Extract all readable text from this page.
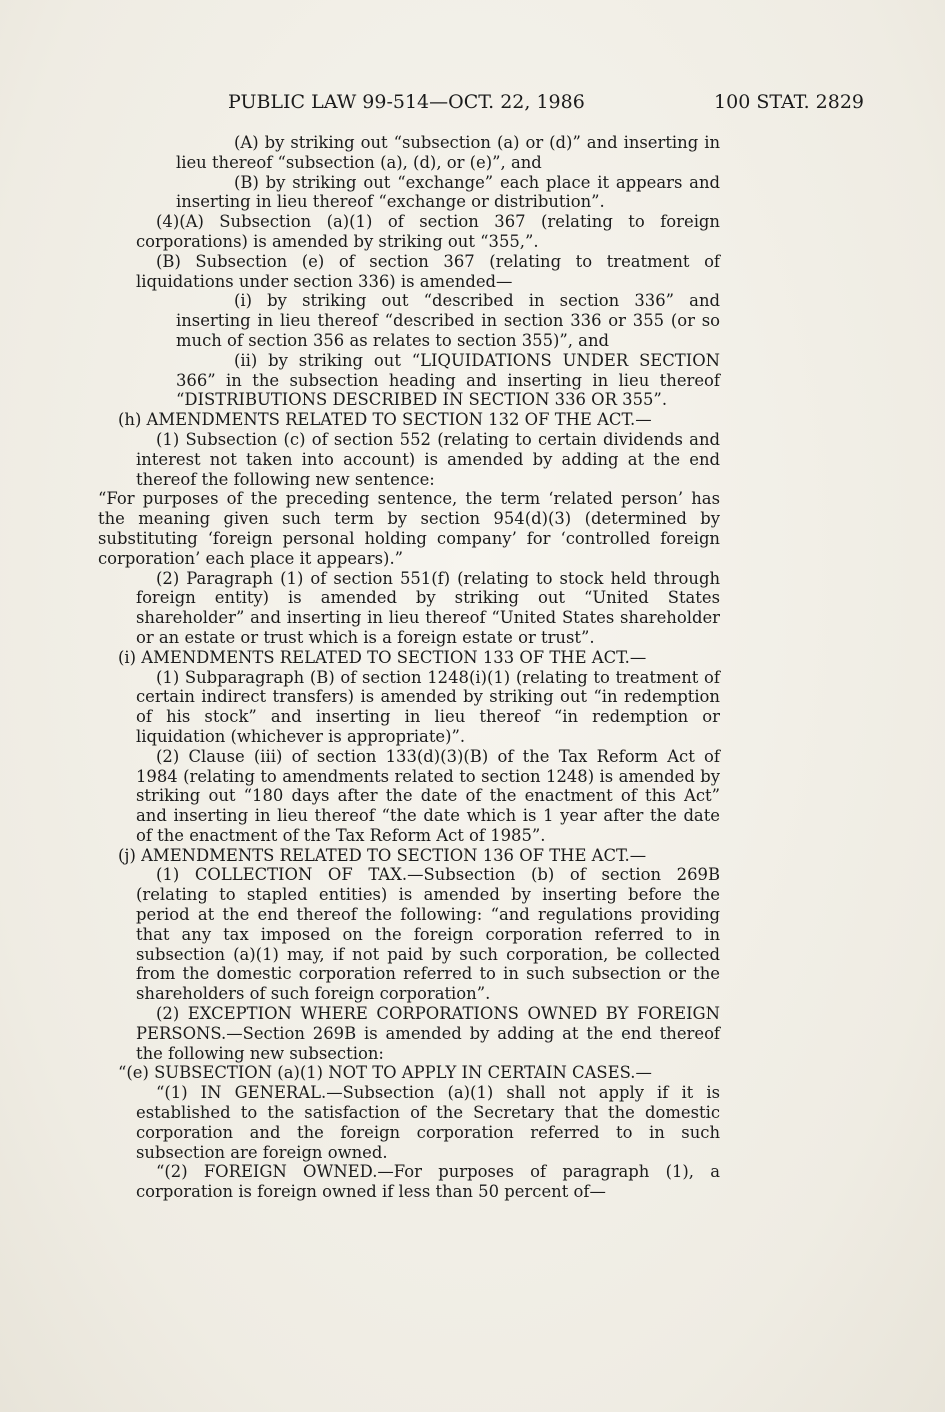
PUBLIC LAW 99-514—OCT. 22, 1986	100 STAT. 2829

(A) by striking out “subsection (a) or (d)” and inserting in lieu thereof “subsection (a), (d), or (e)”, and

(B) by striking out “exchange” each place it appears and inserting in lieu thereof “exchange or distribution”.

(4)(A) Subsection (a)(1) of section 367 (relating to foreign corporations) is amended by striking out “355,”.

(B) Subsection (e) of section 367 (relating to treatment of liquidations under section 336) is amended—

(i) by striking out “described in section 336” and inserting in lieu thereof “described in section 336 or 355 (or so much of section 356 as relates to section 355)”, and

(ii) by striking out “LIQUIDATIONS UNDER SECTION 366” in the subsection heading and inserting in lieu thereof “DISTRIBUTIONS DESCRIBED IN SECTION 336 OR 355”.

(h) AMENDMENTS RELATED TO SECTION 132 OF THE ACT.—

(1) Subsection (c) of section 552 (relating to certain dividends and interest not taken into account) is amended by adding at the end thereof the following new sentence:

“For purposes of the preceding sentence, the term ‘related person’ has the meaning given such term by section 954(d)(3) (determined by substituting ‘foreign personal holding company’ for ‘controlled foreign corporation’ each place it appears).”

(2) Paragraph (1) of section 551(f) (relating to stock held through foreign entity) is amended by striking out “United States shareholder” and inserting in lieu thereof “United States shareholder or an estate or trust which is a foreign estate or trust”.

(i) AMENDMENTS RELATED TO SECTION 133 OF THE ACT.—

(1) Subparagraph (B) of section 1248(i)(1) (relating to treatment of certain indirect transfers) is amended by striking out “in redemption of his stock” and inserting in lieu thereof “in redemption or liquidation (whichever is appropriate)”.

(2) Clause (iii) of section 133(d)(3)(B) of the Tax Reform Act of 1984 (relating to amendments related to section 1248) is amended by striking out “180 days after the date of the enactment of this Act” and inserting in lieu thereof “the date which is 1 year after the date of the enactment of the Tax Reform Act of 1985”.

(j) AMENDMENTS RELATED TO SECTION 136 OF THE ACT.—

(1) COLLECTION OF TAX.—Subsection (b) of section 269B (relating to stapled entities) is amended by inserting before the period at the end thereof the following: “and regulations providing that any tax imposed on the foreign corporation referred to in subsection (a)(1) may, if not paid by such corporation, be collected from the domestic corporation referred to in such subsection or the shareholders of such foreign corporation”.

(2) EXCEPTION WHERE CORPORATIONS OWNED BY FOREIGN PERSONS.—Section 269B is amended by adding at the end thereof the following new subsection:

“(e) SUBSECTION (a)(1) NOT TO APPLY IN CERTAIN CASES.—

“(1) IN GENERAL.—Subsection (a)(1) shall not apply if it is established to the satisfaction of the Secretary that the domestic corporation and the foreign corporation referred to in such subsection are foreign owned.

“(2) FOREIGN OWNED.—For purposes of paragraph (1), a corporation is foreign owned if less than 50 percent of—
